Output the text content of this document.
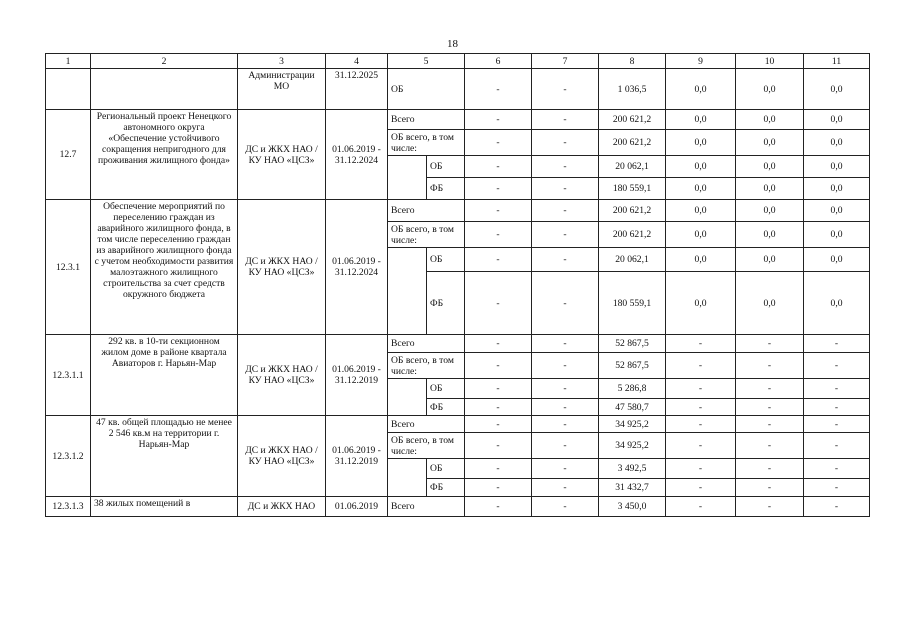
18
1	2	3	4	5		6	7	8	9	10	11
		Администрации МО	31.12.2025	ОБ		-	-	1 036,5	0,0	0,0	0,0
12.7	Региональный проект Ненецкого автономного округа «Обеспечение устойчивого сокращения непригодного для проживания жилищного фонда»	ДС и ЖКХ НАО / КУ НАО «ЦСЗ»	01.06.2019 - 31.12.2024	Всего		-	-	200 621,2	0,0	0,0	0,0
				ОБ всего, в том числе:		-	-	200 621,2	0,0	0,0	0,0
					ОБ	-	-	20 062,1	0,0	0,0	0,0
					ФБ	-	-	180 559,1	0,0	0,0	0,0
12.3.1	Обеспечение мероприятий по переселению граждан из аварийного жилищного фонда, в том числе переселению граждан из аварийного жилищного фонда с учетом необходимости развития малоэтажного жилищного строительства за счет средств окружного бюджета	ДС и ЖКХ НАО / КУ НАО «ЦСЗ»	01.06.2019 - 31.12.2024	Всего		-	-	200 621,2	0,0	0,0	0,0
				ОБ всего, в том числе:		-	-	200 621,2	0,0	0,0	0,0
					ОБ	-	-	20 062,1	0,0	0,0	0,0
					ФБ	-	-	180 559,1	0,0	0,0	0,0
12.3.1.1	292 кв. в 10-ти секционном жилом доме в районе квартала Авиаторов г. Нарьян-Мар	ДС и ЖКХ НАО / КУ НАО «ЦСЗ»	01.06.2019 - 31.12.2019	Всего		-	-	52 867,5	-	-	-
				ОБ всего, в том числе:		-	-	52 867,5	-	-	-
					ОБ	-	-	5 286,8	-	-	-
					ФБ	-	-	47 580,7	-	-	-
12.3.1.2	47 кв. общей площадью не менее 2 546 кв.м на территории г. Нарьян-Мар	ДС и ЖКХ НАО / КУ НАО «ЦСЗ»	01.06.2019 - 31.12.2019	Всего		-	-	34 925,2	-	-	-
				ОБ всего, в том числе:		-	-	34 925,2	-	-	-
					ОБ	-	-	3 492,5	-	-	-
					ФБ	-	-	31 432,7	-	-	-
12.3.1.3	38 жилых помещений в	ДС и ЖКХ НАО	01.06.2019	Всего		-	-	3 450,0	-	-	-
